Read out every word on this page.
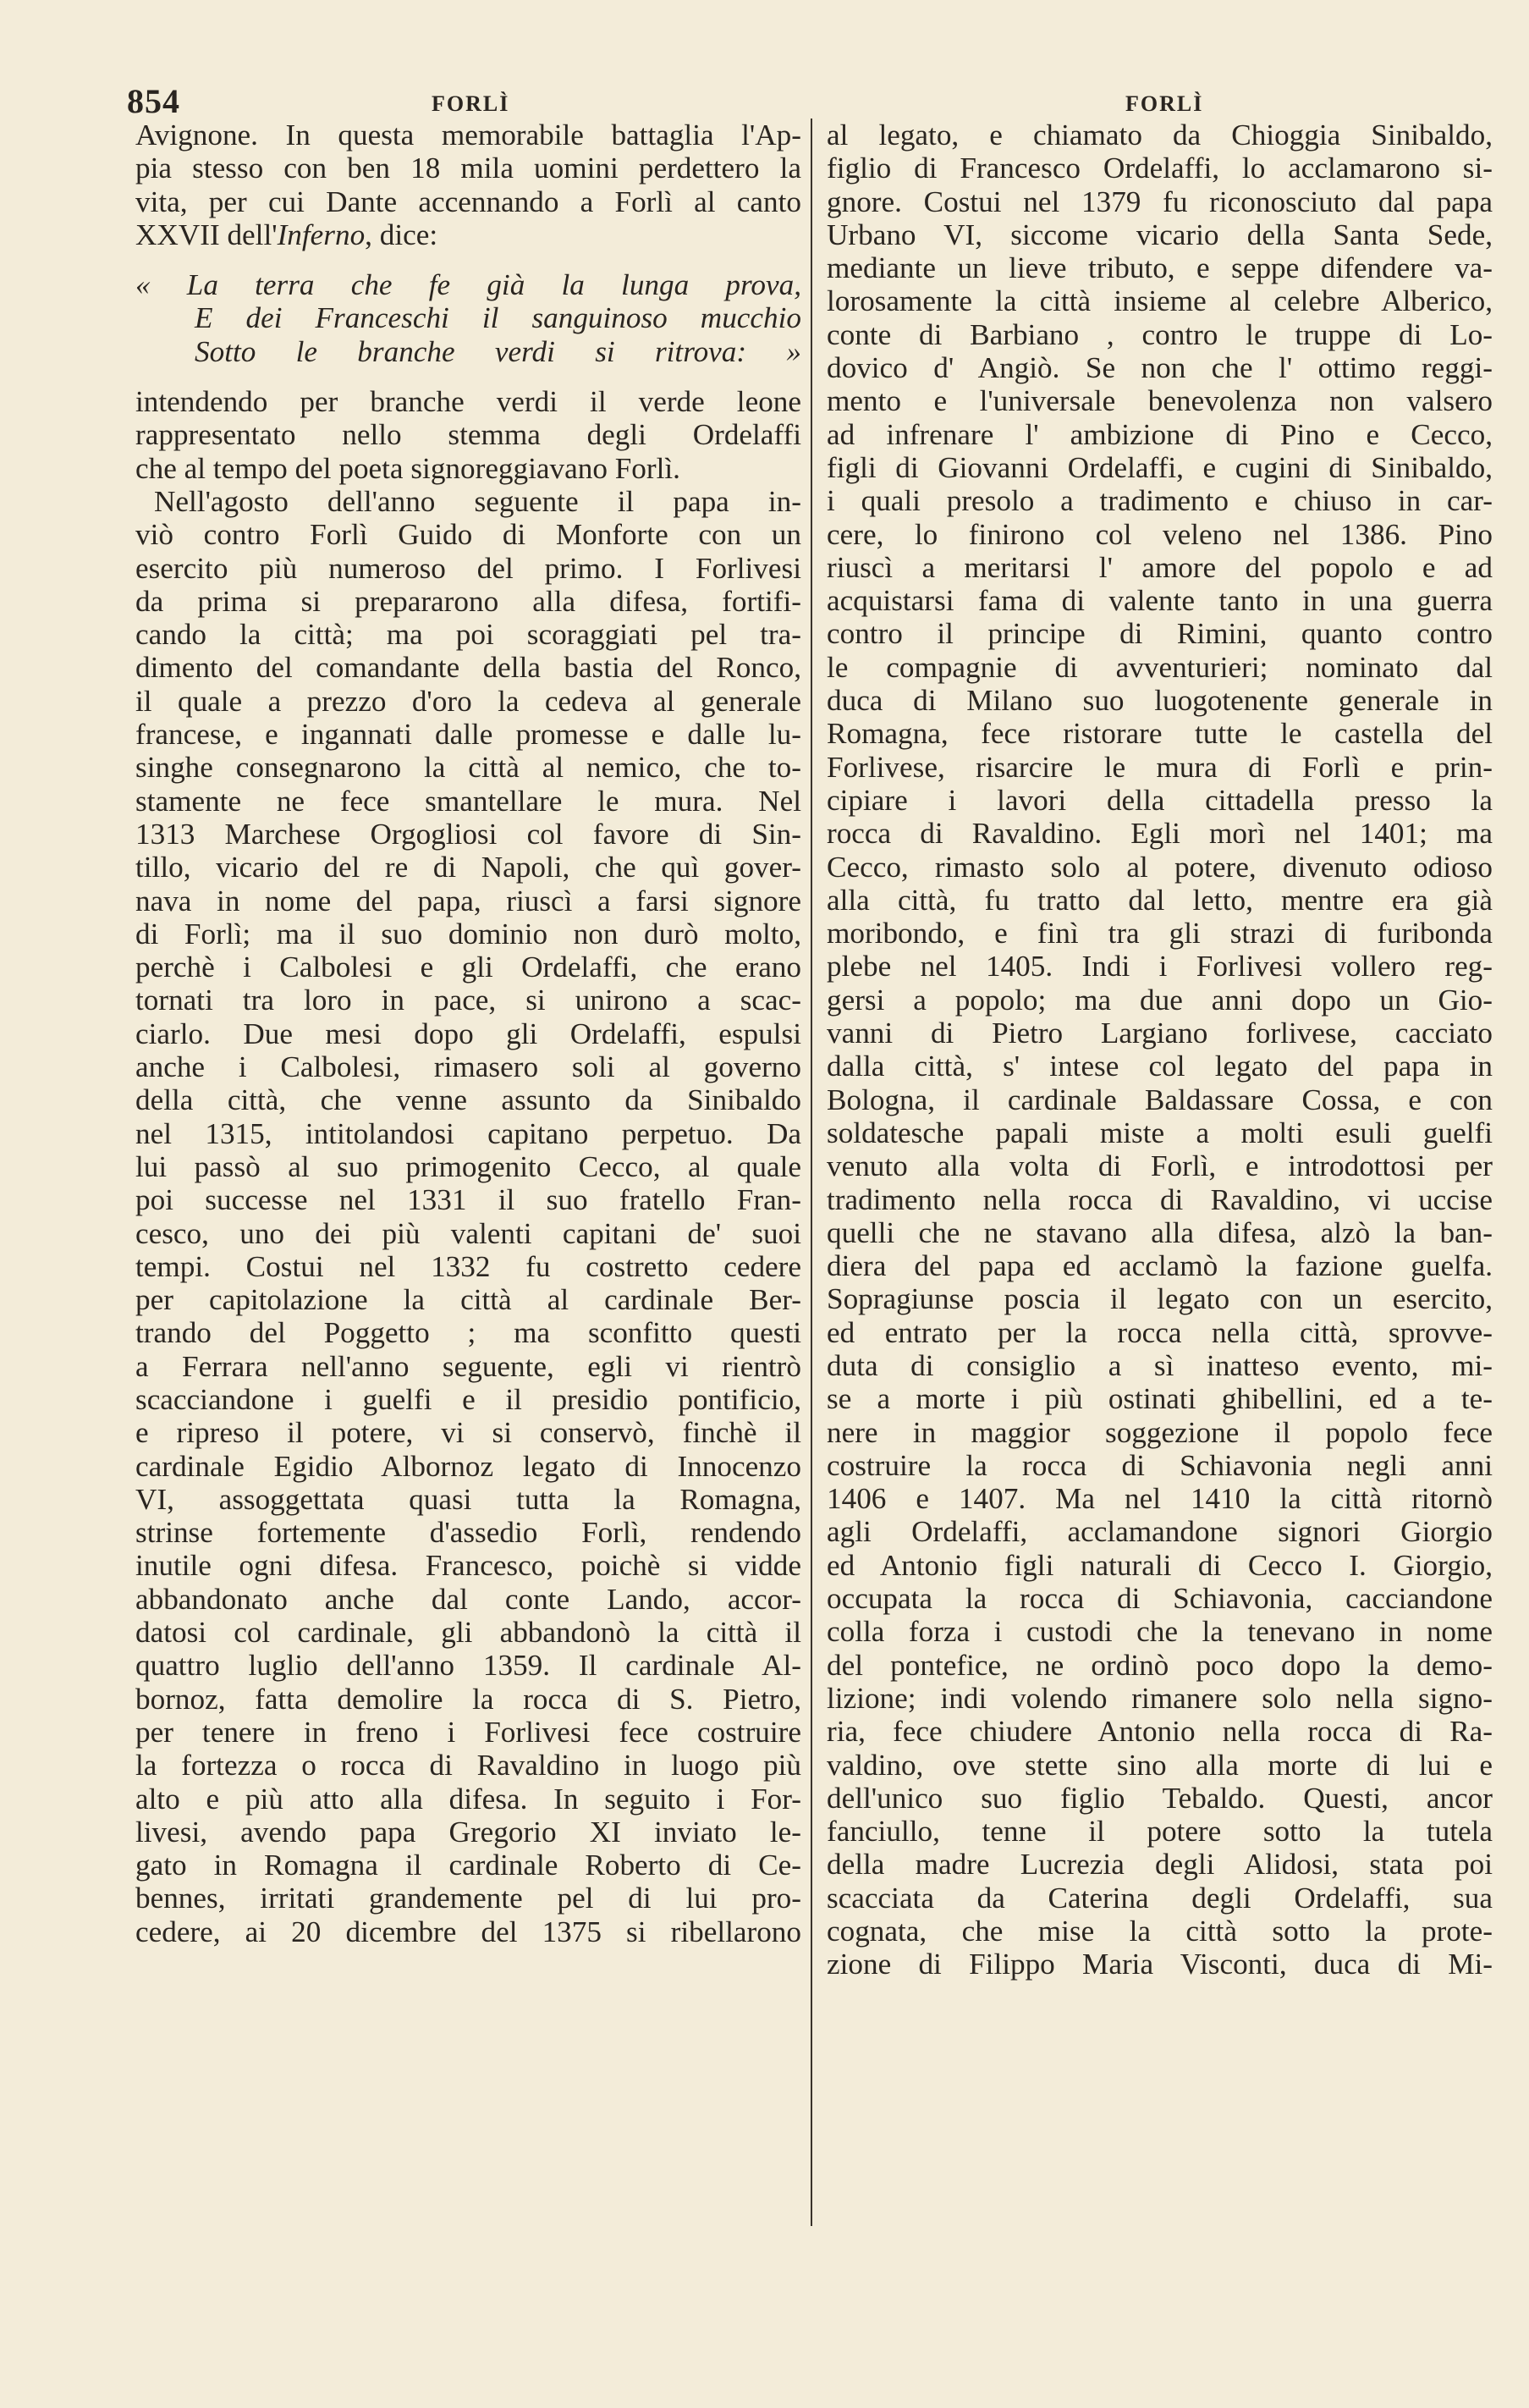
854	FORLÌ	FORLÌ
Avignone. In questa memorabile battaglia l'Ap-
pia stesso con ben 18 mila uomini perdettero la
vita, per cui Dante accennando a Forlì al canto
XXVII dell'Inferno, dice:
« La terra che fe già la lunga prova,
E dei Franceschi il sanguinoso mucchio
Sotto le branche verdi si ritrova: »
intendendo per branche verdi il verde leone
rappresentato nello stemma degli Ordelaffi
che al tempo del poeta signoreggiavano Forlì.
Nell'agosto dell'anno seguente il papa in-
viò contro Forlì Guido di Monforte con un
esercito più numeroso del primo. I Forlivesi
da prima si prepararono alla difesa, fortifi-
cando la città; ma poi scoraggiati pel tra-
dimento del comandante della bastia del Ronco,
il quale a prezzo d'oro la cedeva al generale
francese, e ingannati dalle promesse e dalle lu-
singhe consegnarono la città al nemico, che to-
stamente ne fece smantellare le mura. Nel
1313 Marchese Orgogliosi col favore di Sin-
tillo, vicario del re di Napoli, che quì gover-
nava in nome del papa, riuscì a farsi signore
di Forlì; ma il suo dominio non durò molto,
perchè i Calbolesi e gli Ordelaffi, che erano
tornati tra loro in pace, si unirono a scac-
ciarlo. Due mesi dopo gli Ordelaffi, espulsi
anche i Calbolesi, rimasero soli al governo
della città, che venne assunto da Sinibaldo
nel 1315, intitolandosi capitano perpetuo. Da
lui passò al suo primogenito Cecco, al quale
poi successe nel 1331 il suo fratello Fran-
cesco, uno dei più valenti capitani de' suoi
tempi. Costui nel 1332 fu costretto cedere
per capitolazione la città al cardinale Ber-
trando del Poggetto ; ma sconfitto questi
a Ferrara nell'anno seguente, egli vi rientrò
scacciandone i guelfi e il presidio pontificio,
e ripreso il potere, vi si conservò, finchè il
cardinale Egidio Albornoz legato di Innocenzo
VI, assoggettata quasi tutta la Romagna,
strinse fortemente d'assedio Forlì, rendendo
inutile ogni difesa. Francesco, poichè si vidde
abbandonato anche dal conte Lando, accor-
datosi col cardinale, gli abbandonò la città il
quattro luglio dell'anno 1359. Il cardinale Al-
bornoz, fatta demolire la rocca di S. Pietro,
per tenere in freno i Forlivesi fece costruire
la fortezza o rocca di Ravaldino in luogo più
alto e più atto alla difesa. In seguito i For-
livesi, avendo papa Gregorio XI inviato le-
gato in Romagna il cardinale Roberto di Ce-
bennes, irritati grandemente pel di lui pro-
cedere, ai 20 dicembre del 1375 si ribellarono
al legato, e chiamato da Chioggia Sinibaldo,
figlio di Francesco Ordelaffi, lo acclamarono si-
gnore. Costui nel 1379 fu riconosciuto dal papa
Urbano VI, siccome vicario della Santa Sede,
mediante un lieve tributo, e seppe difendere va-
lorosamente la città insieme al celebre Alberico,
conte di Barbiano , contro le truppe di Lo-
dovico d' Angiò. Se non che l' ottimo reggi-
mento e l'universale benevolenza non valsero
ad infrenare l' ambizione di Pino e Cecco,
figli di Giovanni Ordelaffi, e cugini di Sinibaldo,
i quali presolo a tradimento e chiuso in car-
cere, lo finirono col veleno nel 1386. Pino
riuscì a meritarsi l' amore del popolo e ad
acquistarsi fama di valente tanto in una guerra
contro il principe di Rimini, quanto contro
le compagnie di avventurieri; nominato dal
duca di Milano suo luogotenente generale in
Romagna, fece ristorare tutte le castella del
Forlivese, risarcire le mura di Forlì e prin-
cipiare i lavori della cittadella presso la
rocca di Ravaldino. Egli morì nel 1401; ma
Cecco, rimasto solo al potere, divenuto odioso
alla città, fu tratto dal letto, mentre era già
moribondo, e finì tra gli strazi di furibonda
plebe nel 1405. Indi i Forlivesi vollero reg-
gersi a popolo; ma due anni dopo un Gio-
vanni di Pietro Largiano forlivese, cacciato
dalla città, s' intese col legato del papa in
Bologna, il cardinale Baldassare Cossa, e con
soldatesche papali miste a molti esuli guelfi
venuto alla volta di Forlì, e introdottosi per
tradimento nella rocca di Ravaldino, vi uccise
quelli che ne stavano alla difesa, alzò la ban-
diera del papa ed acclamò la fazione guelfa.
Sopragiunse poscia il legato con un esercito,
ed entrato per la rocca nella città, sprovve-
duta di consiglio a sì inatteso evento, mi-
se a morte i più ostinati ghibellini, ed a te-
nere in maggior soggezione il popolo fece
costruire la rocca di Schiavonia negli anni
1406 e 1407. Ma nel 1410 la città ritornò
agli Ordelaffi, acclamandone signori Giorgio
ed Antonio figli naturali di Cecco I. Giorgio,
occupata la rocca di Schiavonia, cacciandone
colla forza i custodi che la tenevano in nome
del pontefice, ne ordinò poco dopo la demo-
lizione; indi volendo rimanere solo nella signo-
ria, fece chiudere Antonio nella rocca di Ra-
valdino, ove stette sino alla morte di lui e
dell'unico suo figlio Tebaldo. Questi, ancor
fanciullo, tenne il potere sotto la tutela
della madre Lucrezia degli Alidosi, stata poi
scacciata da Caterina degli Ordelaffi, sua
cognata, che mise la città sotto la prote-
zione di Filippo Maria Visconti, duca di Mi-
